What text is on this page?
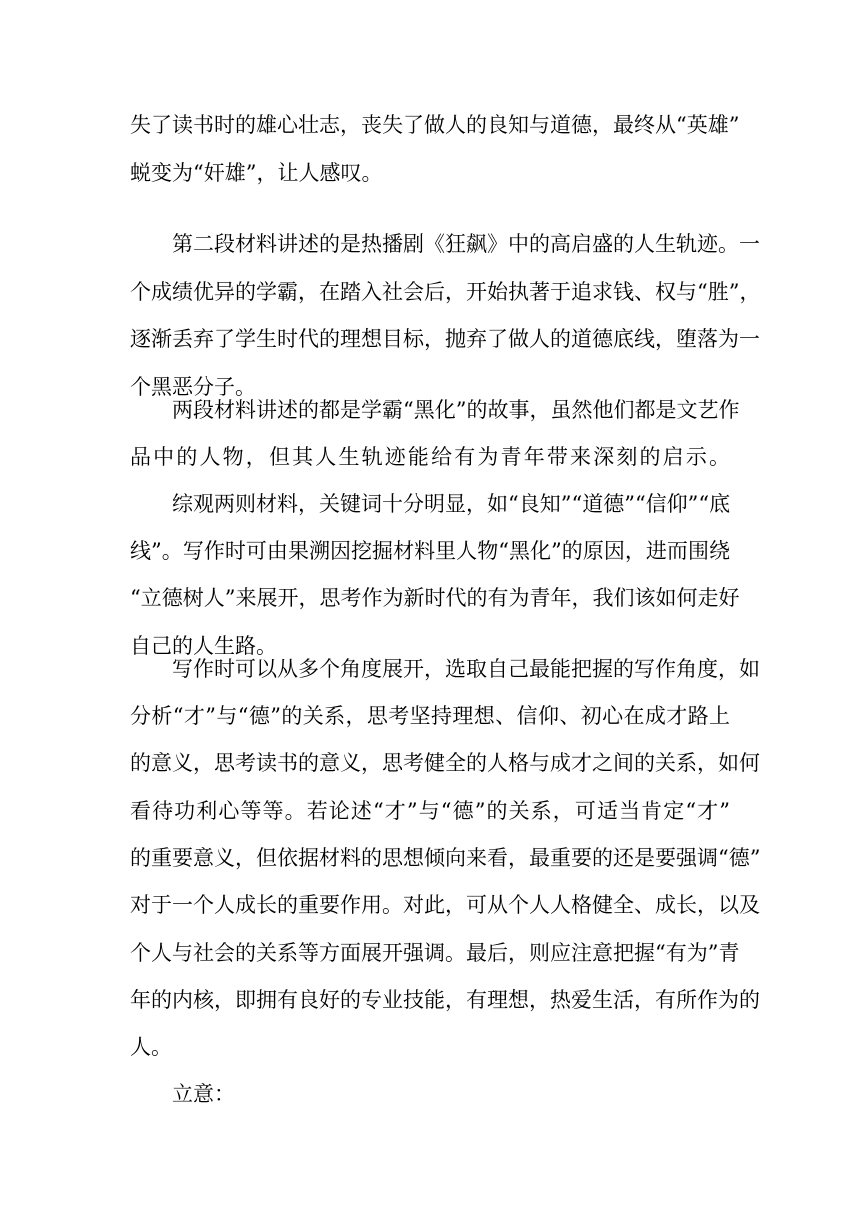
失了读书时的雄心壮志，丧失了做人的良知与道德，最终从“英雄”
蜕变为“奸雄”，让人感叹。
第二段材料讲述的是热播剧《狂飙》中的高启盛的人生轨迹。一
个成绩优异的学霸，在踏入社会后，开始执著于追求钱、权与“胜”，
逐渐丢弃了学生时代的理想目标，抛弃了做人的道德底线，堕落为一
个黑恶分子。
两段材料讲述的都是学霸“黑化”的故事，虽然他们都是文艺作
品中的人物，但其人生轨迹能给有为青年带来深刻的启示。
综观两则材料，关键词十分明显，如“良知”“道德”“信仰”“底
线”。写作时可由果溯因挖掘材料里人物“黑化”的原因，进而围绕
“立德树人”来展开，思考作为新时代的有为青年，我们该如何走好
自己的人生路。
写作时可以从多个角度展开，选取自己最能把握的写作角度，如
分析“才”与“德”的关系，思考坚持理想、信仰、初心在成才路上
的意义，思考读书的意义，思考健全的人格与成才之间的关系，如何
看待功利心等等。若论述“才”与“德”的关系，可适当肯定“才”
的重要意义，但依据材料的思想倾向来看，最重要的还是要强调“德”
对于一个人成长的重要作用。对此，可从个人人格健全、成长，以及
个人与社会的关系等方面展开强调。最后，则应注意把握“有为”青
年的内核，即拥有良好的专业技能，有理想，热爱生活，有所作为的
人。
立意：
